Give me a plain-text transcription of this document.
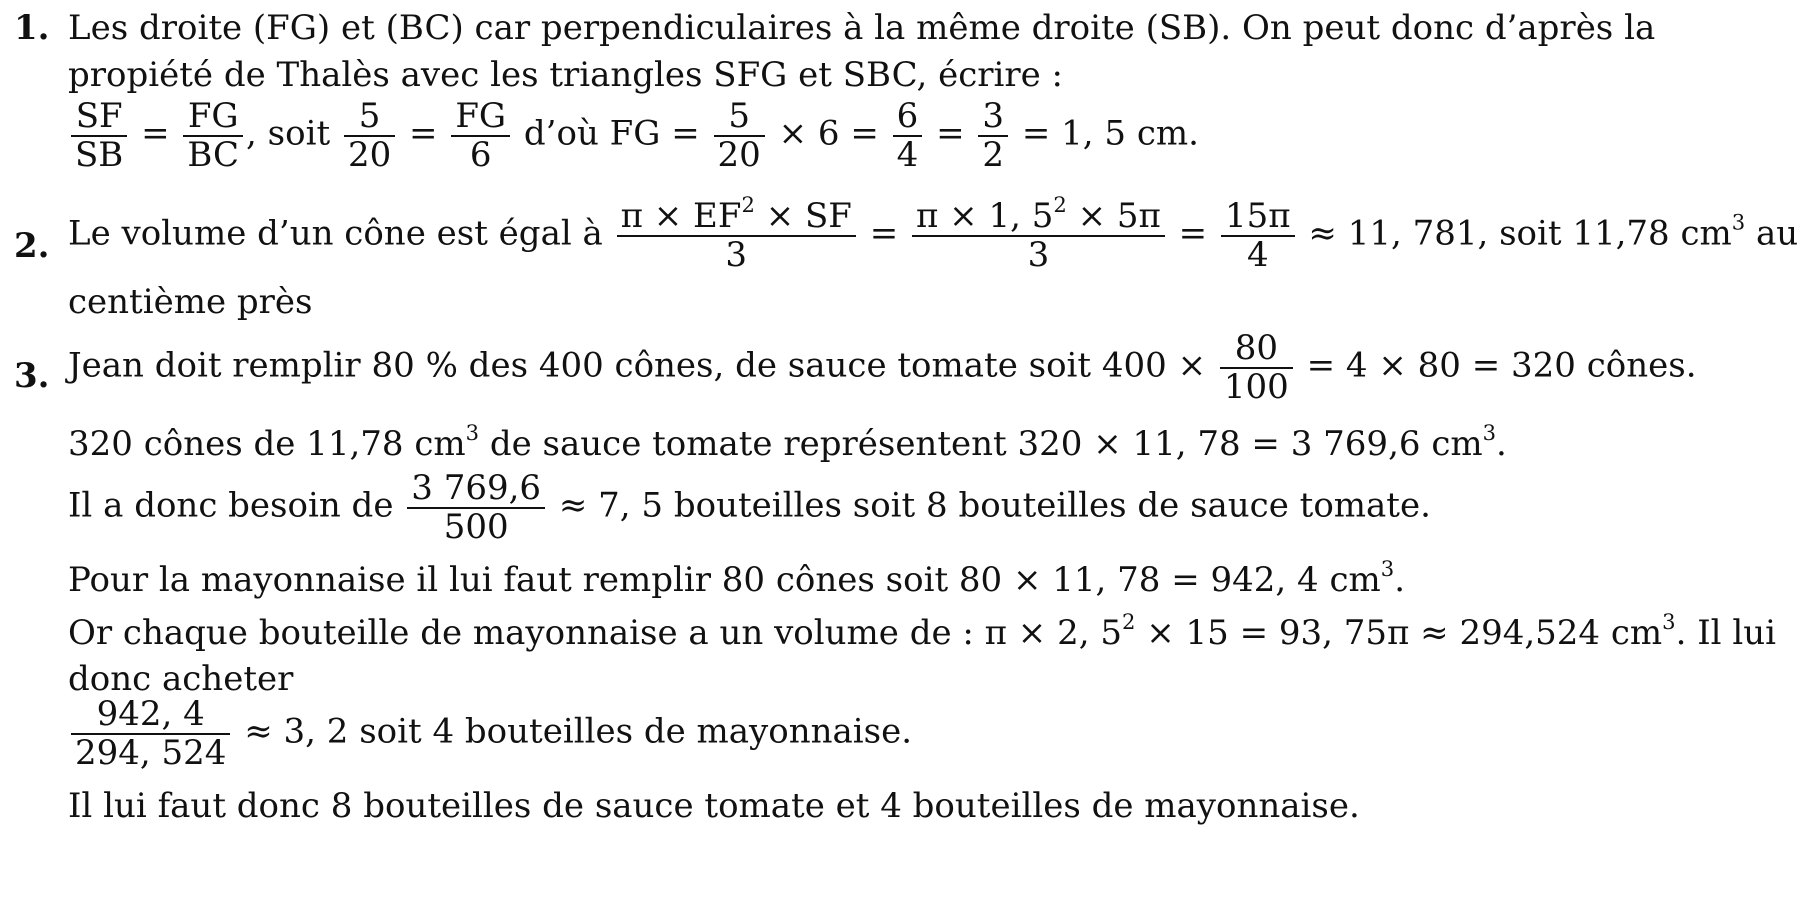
1. Les droite (FG) et (BC) car perpendiculaires à la même droite (SB). On peut donc d’après la
propiété de Thalès avec les triangles SFG et SBC, écrire :
$\frac{SF}{SB} = \frac{FG}{BC}$ , soit $\frac{5}{20} = \frac{FG}{6}$ d’où FG = $\frac{5}{20} \times 6 = \frac{6}{4} = \frac{3}{2} = 1$, 5 cm.
2. Le volume d’un cône est égal à $\frac{\pi \times EF^2 \times SF}{3} = \frac{\pi \times 1, 5^2 \times 5\pi}{3} = \frac{15\pi}{4} \approx 11$, 781, soit 11,78 $cm^3$ au
centième près
3. Jean doit remplir 80 % des 400 cônes, de sauce tomate soit $400 \times \frac{80}{100} = 4 \times 80 = 320$ cônes.
320 cônes de 11,78 $cm^3$ de sauce tomate représentent 320 × 11, 78 = 3 769,6 $cm^3$.
Il a donc besoin de $\frac{3 769,6}{500} \approx 7$, 5 bouteilles soit 8 bouteilles de sauce tomate.
Pour la mayonnaise il lui faut remplir 80 cônes soit 80 × 11, 78 = 942, 4 $cm^3$.
Or chaque bouteille de mayonnaise a un volume de : π × 2, $5^2 \times 15 = 93$, 75π ≈ 294,524 $cm^3$. Il lui
donc acheter
$\frac{942, 4}{294, 524} \approx 3$, 2 soit 4 bouteilles de mayonnaise.
Il lui faut donc 8 bouteilles de sauce tomate et 4 bouteilles de mayonnaise.
